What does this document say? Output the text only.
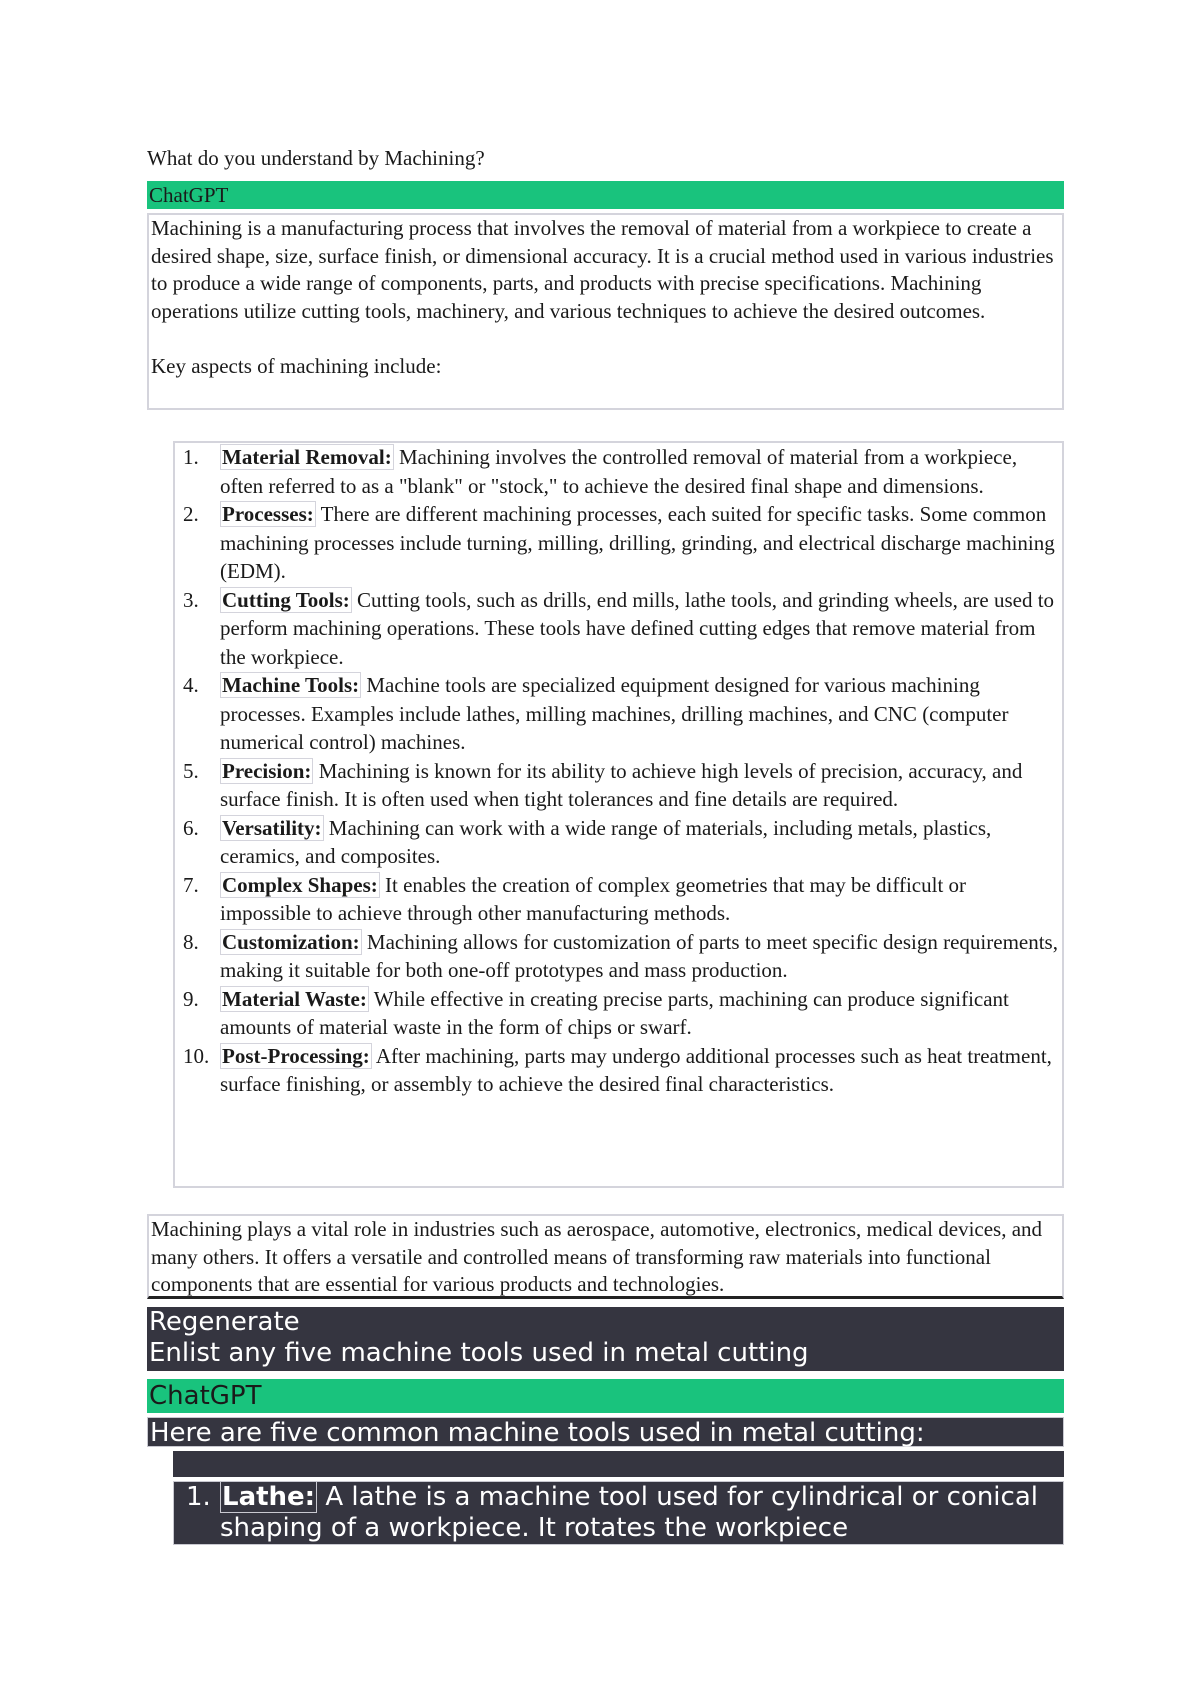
What do you understand by Machining?
ChatGPT

Machining is a manufacturing process that involves the removal of material from a workpiece to create a desired shape, size, surface finish, or dimensional accuracy. It is a crucial method used in various industries to produce a wide range of components, parts, and products with precise specifications. Machining operations utilize cutting tools, machinery, and various techniques to achieve the desired outcomes.

Key aspects of machining include:

1.	Material Removal: Machining involves the controlled removal of material from a workpiece, often referred to as a "blank" or "stock," to achieve the desired final shape and dimensions.
2.	Processes: There are different machining processes, each suited for specific tasks. Some common machining processes include turning, milling, drilling, grinding, and electrical discharge machining (EDM).
3.	Cutting Tools: Cutting tools, such as drills, end mills, lathe tools, and grinding wheels, are used to perform machining operations. These tools have defined cutting edges that remove material from the workpiece.
4.	Machine Tools: Machine tools are specialized equipment designed for various machining processes. Examples include lathes, milling machines, drilling machines, and CNC (computer numerical control) machines.
5.	Precision: Machining is known for its ability to achieve high levels of precision, accuracy, and surface finish. It is often used when tight tolerances and fine details are required.
6.	Versatility: Machining can work with a wide range of materials, including metals, plastics, ceramics, and composites.
7.	Complex Shapes: It enables the creation of complex geometries that may be difficult or impossible to achieve through other manufacturing methods.
8.	Customization: Machining allows for customization of parts to meet specific design requirements, making it suitable for both one-off prototypes and mass production.
9.	Material Waste: While effective in creating precise parts, machining can produce significant amounts of material waste in the form of chips or swarf.
10. Post-Processing: After machining, parts may undergo additional processes such as heat treatment, surface finishing, or assembly to achieve the desired final characteristics.
Machining plays a vital role in industries such as aerospace, automotive, electronics, medical devices, and many others. It offers a versatile and controlled means of transforming raw materials into functional components that are essential for various products and technologies.
Regenerate
Enlist any five machine tools used in metal cutting
ChatGPT
Here are five common machine tools used in metal cutting:
1. Lathe: A lathe is a machine tool used for cylindrical or conical shaping of a workpiece. It rotates the workpiece
